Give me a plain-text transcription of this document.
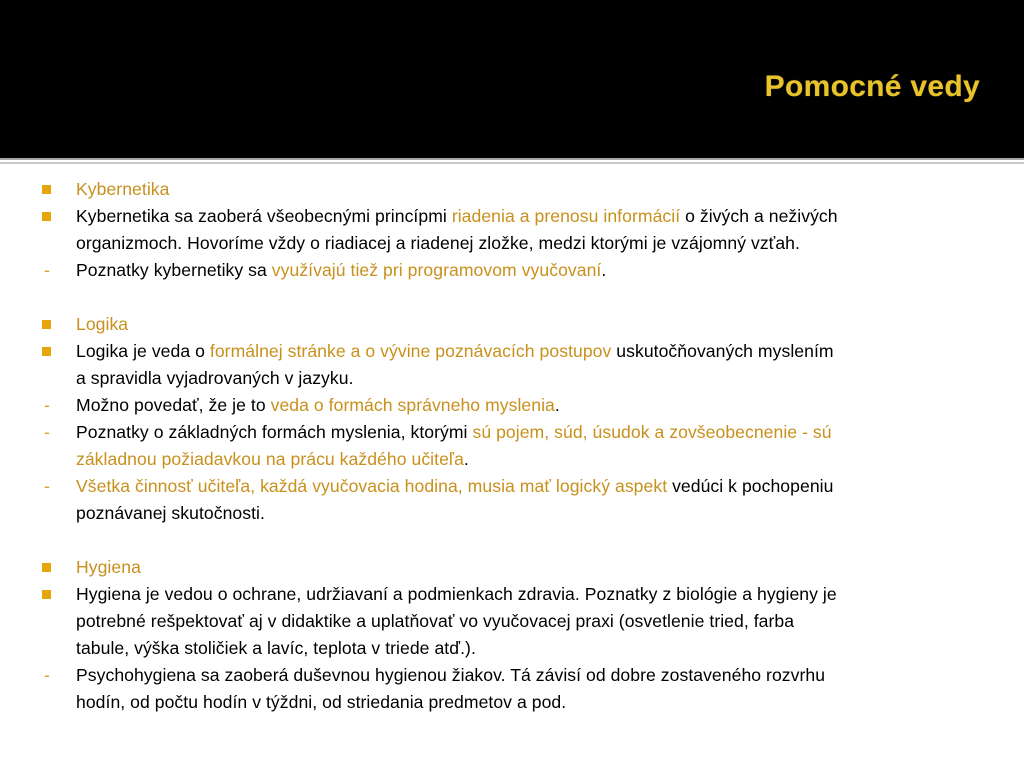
Pomocné vedy
Kybernetika
Kybernetika sa zaoberá všeobecnými princípmi riadenia a prenosu informácií o živých a neživých
organizmoch. Hovoríme vždy o riadiacej a riadenej zložke, medzi ktorými je vzájomný vzťah.
- Poznatky kybernetiky sa využívajú tiež pri programovom vyučovaní.
Logika
Logika je veda o formálnej stránke a o vývine poznávacích postupov uskutočňovaných myslením
a spravidla vyjadrovaných v jazyku.
- Možno povedať, že je to veda o formách správneho myslenia.
- Poznatky o základných formách myslenia, ktorými sú pojem, súd, úsudok a zovšeobecnenie - sú
základnou požiadavkou na prácu každého učiteľa.
- Všetka činnosť učiteľa, každá vyučovacia hodina, musia mať logický aspekt vedúci k pochopeniu
poznávanej skutočnosti.
Hygiena
Hygiena je vedou o ochrane, udržiavaní a podmienkach zdravia. Poznatky z biológie a hygieny je
potrebné rešpektovať aj v didaktike a uplatňovať vo vyučovacej praxi (osvetlenie tried, farba
tabule, výška stoličiek a lavíc, teplota v triede atď.).
- Psychohygiena sa zaoberá duševnou hygienou žiakov. Tá závisí od dobre zostaveného rozvrhu
hodín, od počtu hodín v týždni, od striedania predmetov a pod.
